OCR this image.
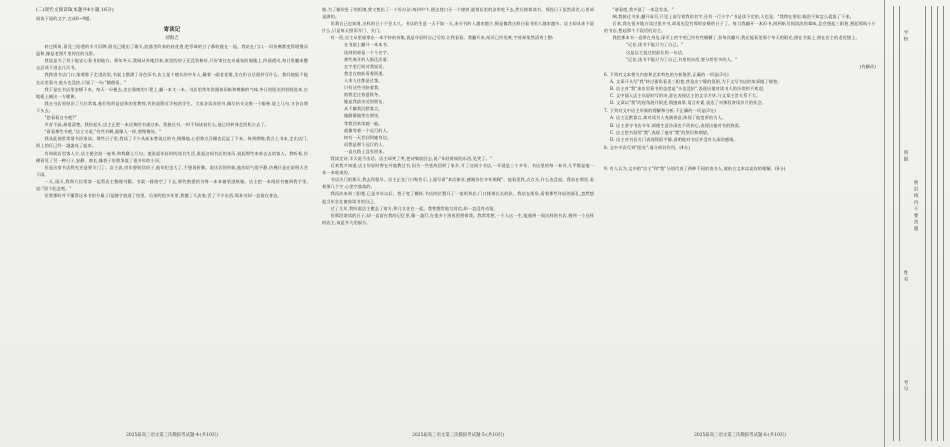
(二)现代文阅读Ⅱ(本题共4小题,16分)

阅读下面的文字,完成6~9题。

寄读记

刘海吉

转过街角,看见三阳巷的半爿旧牌,阳光已爬出了墙头,院落里吹来的桂花香,把零碎的日子都收拢在一起。我站在门口,一切仿佛都变得缓慢而温和,像是老照片里停住的光影。

我说是为了找个能安心看书的地方。那年冬天,我刚从外地回来,家里的房子还没装修好,只好寄住在亲戚家的阁楼上,四面透风,每日里翻来覆去总读不进去几页书。

我跨进书店门口,缩着脖子走进店里,书架上摆满了各色旧书,店主是个瘦长的中年人,戴着一副老花镜,坐在柜台后面抄写什么。我问他能不能在店里看书,他头也没抬,只说了一句:"随便看。"

我于是在书店里安顿下来。每天一早便去,坐在靠窗的小凳上,翻一本又一本。书店里常年弥漫着旧纸和樟脑的气味,冬日的阳光斜斜照进来,在地板上铺出一方暖黄。

我在书店里结识了几位常客,他们有的是退休的老教师,有的是附近学校的学生。大家各读各的书,偶尔抬头交换一个眼神,说上几句,又各自埋下头去。

"您看看这书吧?"

声音不高,却很清楚。我抬起头,店主正把一本泛黄的书递过来。我接过书,一时不知该说什么,他已经转身走回柜台去了。

"看看那些书吧,"店主又说,"有些书啊,就像人一样,要慢慢处。"

我从此便常常借书回家读。那些日子里,我读了不少从前未曾读过的书,慢慢地,心里那点浮躁也沉淀了下来。每到傍晚,我合上书本,走出店门,街上的灯已经一盏盏亮了起来。

有时候店里客人少,店主便会泡一壶茶,和我聊上几句。他说起年轻时的读书生活,说起这间书店的来历,说起那些来来去去的客人。我听着,仿佛看见了另一种日子,安静、绵长,像巷子里那条流了很多年的小河。

但是这家书店终究还是要关门了。店主说,房东要收回房子,他年纪也大了,不想再折腾。说这话的时候,他的语气很平静,仿佛只是在说明天会下雨。

一天,雨天,我和几位常客一起帮店主整理书籍。书架一排排空了下去,那些熟悉的书脊一本本被装进纸箱。店主把一本线装书塞到我手里,说:"留个纪念吧。"

但我那时并不懂得这本书的分量,只是随手放进了包里。后来的很多年里,我搬了几次家,丢了不少东西,那本书却一直留在身边。

2025届高三语文第三次模拟考试题-4-(共10页)

脸,为了解决肚子的饥饿,我又想出了一个好办法:每到中午,便去巷口买一个烧饼,就着店里的凉茶吃下去,然后接着读书。那段日子虽然清苦,心里却是满的。

但我自己也知道,这样的日子不会太久。书店的生意一天不如一天,来买书的人越来越少,倒是像我这样白看书的人越来越多。店主却从来不说什么,只是每天照旧开门、关门。

有一回,店主从里屋拿出一本手抄的诗集,说是年轻时自己写的,让我看看。我翻开来,纸页已经发黄,字迹却依然清秀工整:

在书架上翻开一本本书,

读到的却是一个个名字。

那些离开的人都还活着,

在字里行间对我说话。

我坐在窗前看着街道,

人来人往都是过客。

只有这些书陪着我,

陪我走过春夏秋冬。

她是我最亲近的朋友,

从不嫌我沉默寡言。

她静静地等在那里,

等我回来读她一遍。

就像等着一个远行的人,

终有一天会回到她身边。

而我是那个远行的人,

一直在路上没有回来。

我读完诗,半天说不出话。店主却笑了笑,把诗集收回去,说:"年轻时候的东西,见笑了。"

后来我才知道,店主年轻时曾在外地教过书,因为一些变故回到了家乡,开了这间小书店,一开就是三十多年。书店里的每一本书,几乎都是他一本一本收来的。

书店关门的那天,我去得很早。店主正在门口贴告示,上面写着"本店歇业,感谢各位多年照顾"。他看见我,点点头,什么也没说。我站在那里,看着那几个字,心里空落落的。

我再次来到三阳巷,已是多年以后。巷子变了模样,书店的位置开了一家奶茶店,门口排着长长的队。我站在街角,看着那些年轻的面孔,忽然想起当年坐在窗前读书的自己。

过了几年,我听说店主搬去了南方,和儿女住在一起。我曾想给他写封信,却一直没有动笔。

但那段寄读的日子,却一直留在我的记忆里,像一盏灯,在很多个黑夜里照着我。我常常想,一个人这一生,能遇到一间这样的书店,遇到一个这样的店主,该是多大的福分。

2025届高三语文第三次模拟考试题-5-(共10页)

"请看吧,我多留了一本没有卖。"

啊,我接过书来,翻开扉页,只见上面写着我的名字,还有一行小字:"书是读不完的,人也是。"我愣在那里,眼泪不知怎么就流了下来。

后来,我在很多地方读过很多书,却再也没有那样安静的日子了。每当我翻开一本旧书,闻到纸页间淡淡的霉味,总会想起三阳巷,想起那间小小的书店,想起那个不说话的店主。

我把那本书一直带在身边,扉页上的字迹已经有些模糊了,但每次翻开,我还能看见那个冬天的阳光,照在书架上,照在店主的老花镜上。

"记住,读书不能只为了自己。"

这是店主说过的最长的一句话。

"记住,读书不能只为了自己,书里的东西,要分给更多的人。"

(有删改)

6. 下列对文本相关内容和艺术特色的分析鉴赏,正确的一项是(3分)

A. 文章开头写"我"转过街角看见三阳巷,营造出宁静的氛围,为下文写书店的故事做了铺垫。

B. 店主对"我"来店里看书的态度是"头也没抬",表现出他对读书人的冷淡和不欢迎。

C. 文中插入店主年轻时写的诗,意在表现店主的文学才华,与文章主旨关系不大。

D. 文章以"我"的视角展开叙述,情感真挚,语言朴素,表达了对那段寄读岁月的怀念。

7. 下列对文中店主形象的理解和分析,不正确的一项是(3分)

A. 店主沉默寡言,却对读书人充满善意,体现了他宽厚的为人。

B. 店主坚守书店多年,即使生意冷清也不改初心,表现出他对书的热爱。

C. 店主把书留给"我",表现了他对"我"的赏识和期望。

D. 店主对书店关门表现得很平静,说明他对书店并没有太深的感情。

8. 文中多次写到"阳光",请分析其作用。(4分)

9. 有人认为,文中的"店主"和"我"分别代表了两种不同的读书人,请结合文本谈谈你的理解。(6分)

2025届高三语文第三次模拟考试题-6-(共10页)
学校
班级
姓名
考号
密封线内不要答题
